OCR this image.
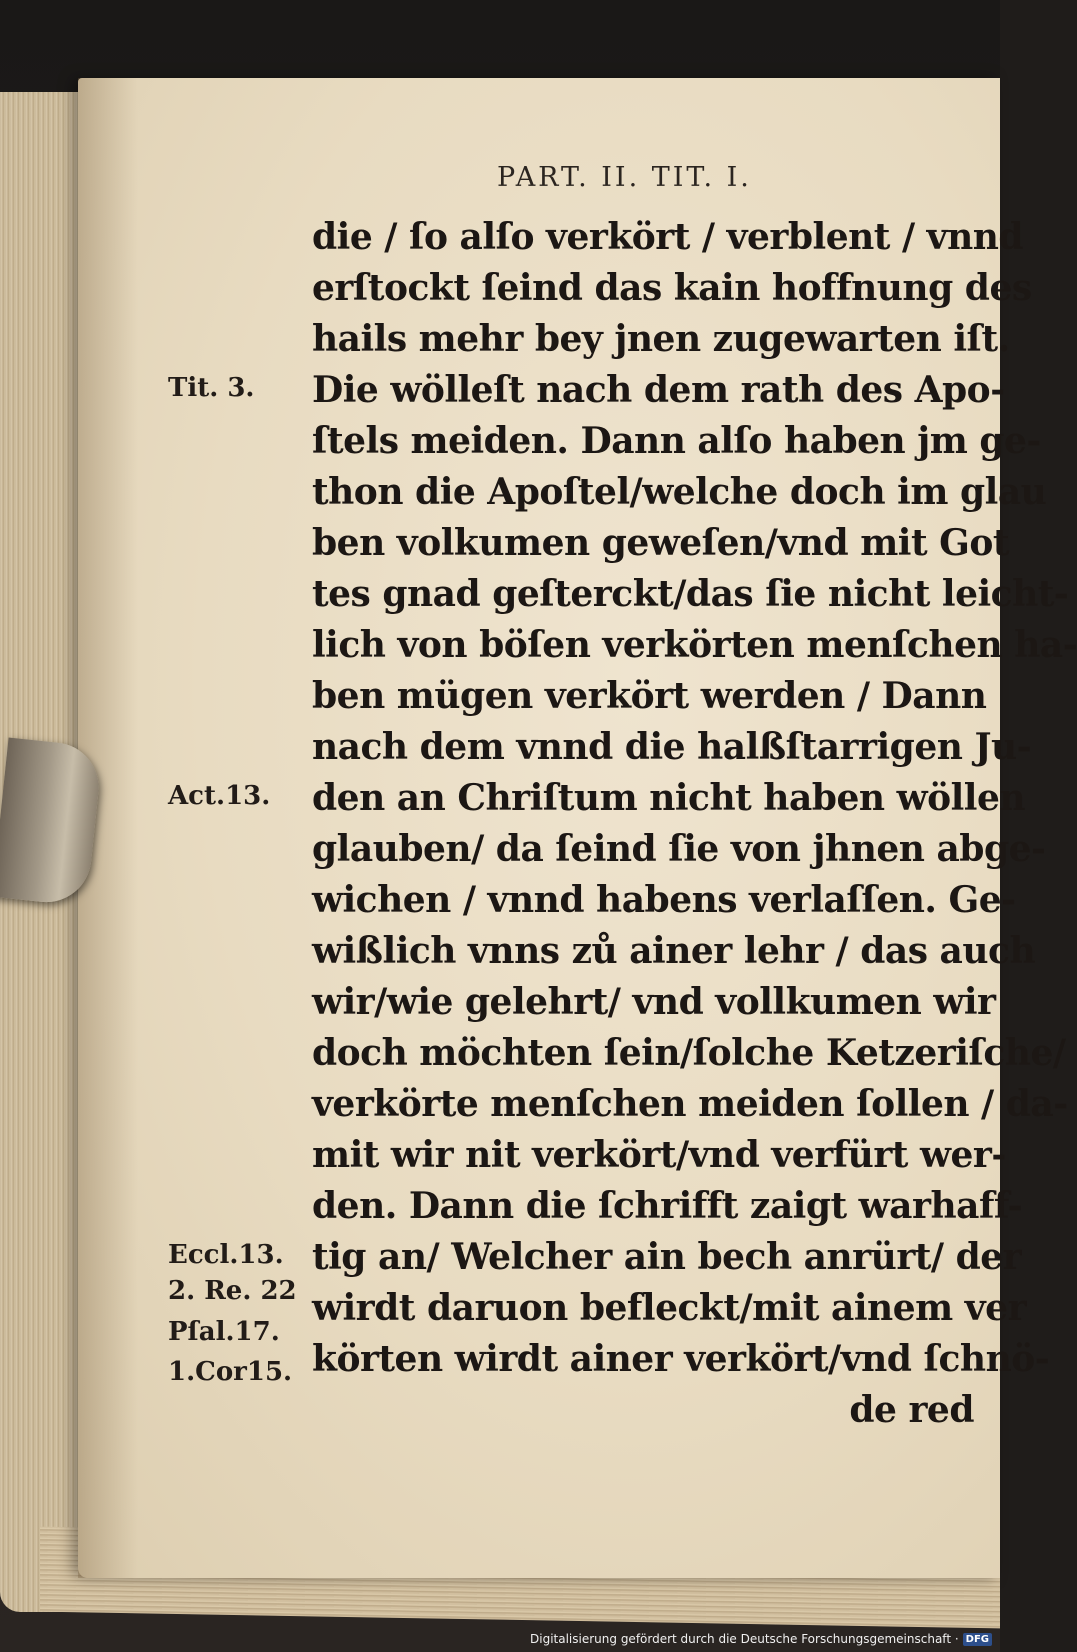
PART. II. TIT. I.
die / ſo alſo verkört / verblent / vnnd
erſtockt ſeind das kain hoffnung des
hails mehr bey jnen zugewarten iſt.
Die wölleſt nach dem rath des Apo-
ſtels meiden. Dann alſo haben jm ge-
thon die Apoſtel/welche doch im glau
ben volkumen geweſen/vnd mit Got
tes gnad geſterckt/das ſie nicht leicht-
lich von böſen verkörten menſchen ha-
ben mügen verkört werden / Dann
nach dem vnnd die halßſtarrigen Ju-
den an Chriſtum nicht haben wöllen
glauben/ da ſeind ſie von jhnen abge-
wichen / vnnd habens verlaſſen. Ge-
wißlich vnns zů ainer lehr / das auch
wir/wie gelehrt/ vnd vollkumen wir
doch möchten ſein/ſolche Ketzeriſche/
verkörte menſchen meiden ſollen / da-
mit wir nit verkört/vnd verfürt wer-
den. Dann die ſchrifft zaigt warhaff-
tig an/ Welcher ain bech anrürt/ der
wirdt daruon befleckt/mit ainem ver
körten wirdt ainer verkört/vnd ſchnö-
de red
Tit. 3.
Act.13.
Eccl.13.
2. Re. 22
Pſal.17.
1.Cor15.
Digitalisierung gefördert durch die Deutsche Forschungsgemeinschaft · DFG
